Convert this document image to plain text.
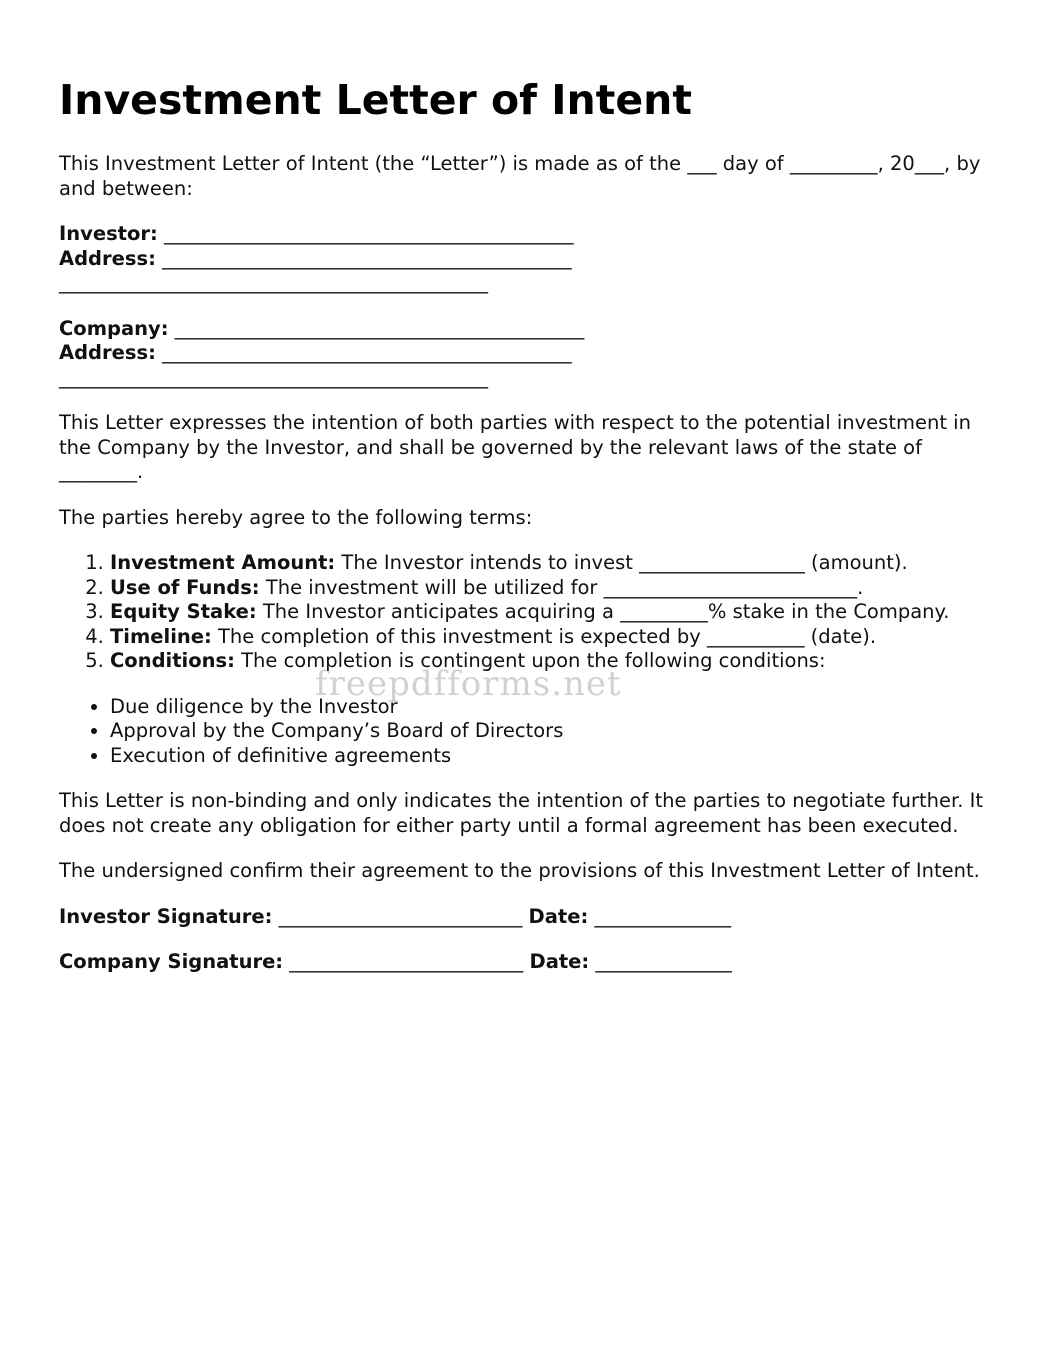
Investment Letter of Intent

This Investment Letter of Intent (the “Letter”) is made as of the ___ day of _________, 20___, by and between:

Investor: __________________________________________

Address: __________________________________________

____________________________________________

Company: __________________________________________

Address: __________________________________________

____________________________________________

This Letter expresses the intention of both parties with respect to the potential investment in the Company by the Investor, and shall be governed by the relevant laws of the state of ________.

The parties hereby agree to the following terms:

1. Investment Amount: The Investor intends to invest _________________ (amount).
2. Use of Funds: The investment will be utilized for __________________________.
3. Equity Stake: The Investor anticipates acquiring a _________% stake in the Company.
4. Timeline: The completion of this investment is expected by __________ (date).
5. Conditions: The completion is contingent upon the following conditions:
• Due diligence by the Investor
• Approval by the Company’s Board of Directors
• Execution of definitive agreements

This Letter is non-binding and only indicates the intention of the parties to negotiate further. It does not create any obligation for either party until a formal agreement has been executed.

The undersigned confirm their agreement to the provisions of this Investment Letter of Intent.

Investor Signature: _________________________ Date: ______________

Company Signature: ________________________ Date: ______________

freepdfforms.net
